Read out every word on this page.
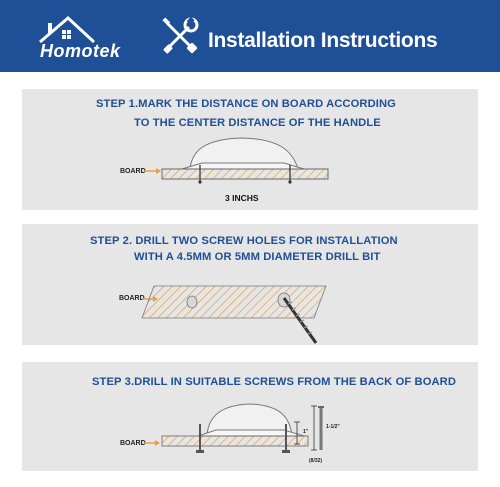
Homotek	Installation Instructions
STEP 1.MARK THE DISTANCE ON BOARD ACCORDING
TO THE CENTER DISTANCE OF THE HANDLE
BOARD
3 INCHS
STEP 2. DRILL TWO SCREW HOLES FOR INSTALLATION
WITH A 4.5MM OR 5MM DIAMETER DRILL BIT
BOARD
STEP 3.DRILL IN SUITABLE SCREWS FROM THE BACK OF BOARD
BOARD
1"
1-1/2"
(8/32)
